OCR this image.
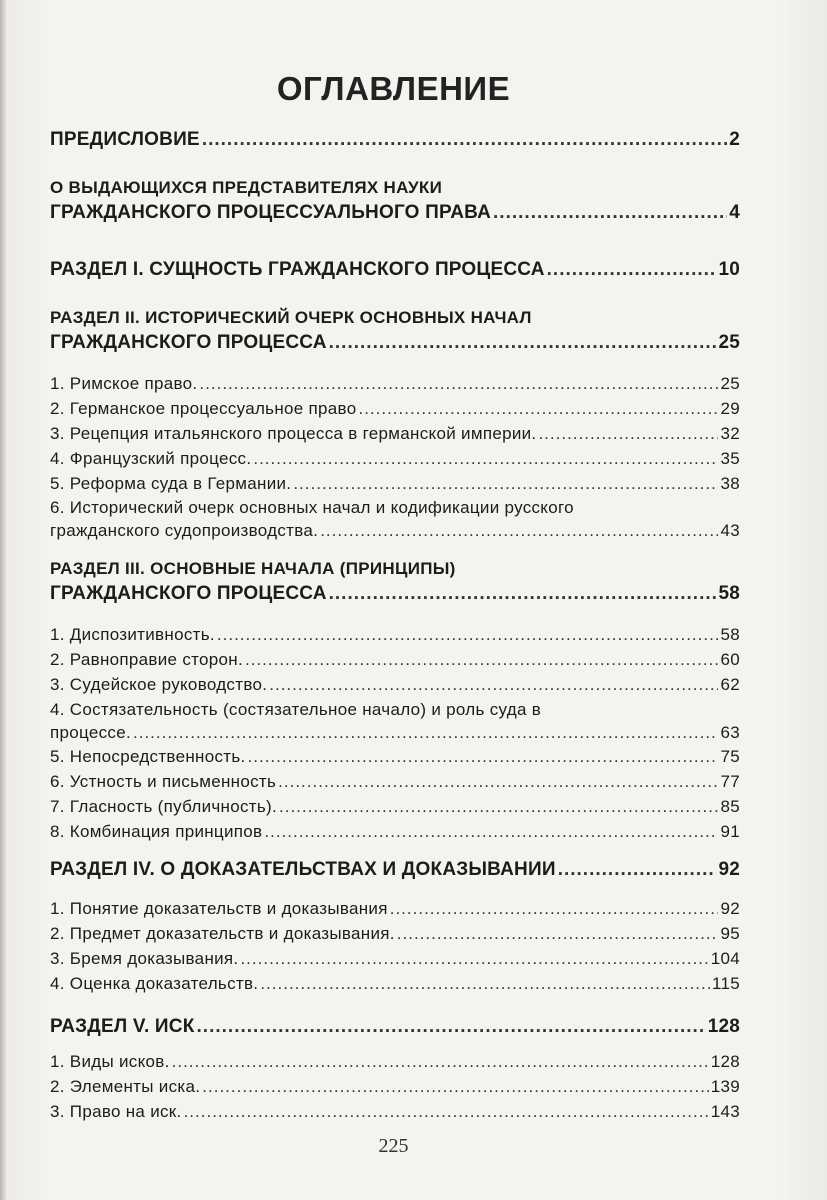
ОГЛАВЛЕНИЕ
ПРЕДИСЛОВИЕ .....	2
О ВЫДАЮЩИХСЯ ПРЕДСТАВИТЕЛЯХ НАУКИ
ГРАЖДАНСКОГО ПРОЦЕССУАЛЬНОГО ПРАВА .....	4
РАЗДЕЛ I. СУЩНОСТЬ ГРАЖДАНСКОГО ПРОЦЕССА .....	10
РАЗДЕЛ II. ИСТОРИЧЕСКИЙ ОЧЕРК ОСНОВНЫХ НАЧАЛ
ГРАЖДАНСКОГО ПРОЦЕССА .....	25
1. Римское право. .....	25
2. Германское процессуальное право .....	29
3. Рецепция итальянского процесса в германской империи. .....	32
4. Французский процесс. .....	35
5. Реформа суда в Германии. .....	38
6. Исторический очерк основных начал и кодификации русского
гражданского судопроизводства. .....	43
РАЗДЕЛ III. ОСНОВНЫЕ НАЧАЛА (ПРИНЦИПЫ)
ГРАЖДАНСКОГО ПРОЦЕССА .....	58
1. Диспозитивность. .....	58
2. Равноправие сторон. .....	60
3. Судейское руководство. .....	62
4. Состязательность (состязательное начало) и роль суда в
процессе. .....	63
5. Непосредственность. .....	75
6. Устность и письменность .....	77
7. Гласность (публичность). .....	85
8. Комбинация принципов .....	91
РАЗДЕЛ IV. О ДОКАЗАТЕЛЬСТВАХ И ДОКАЗЫВАНИИ .....	92
1. Понятие доказательств и доказывания .....	92
2. Предмет доказательств и доказывания. .....	95
3. Бремя доказывания. .....	104
4. Оценка доказательств. .....	115
РАЗДЕЛ V. ИСК .....	128
1. Виды исков. .....	128
2. Элементы иска. .....	139
3. Право на иск. .....	143
225
